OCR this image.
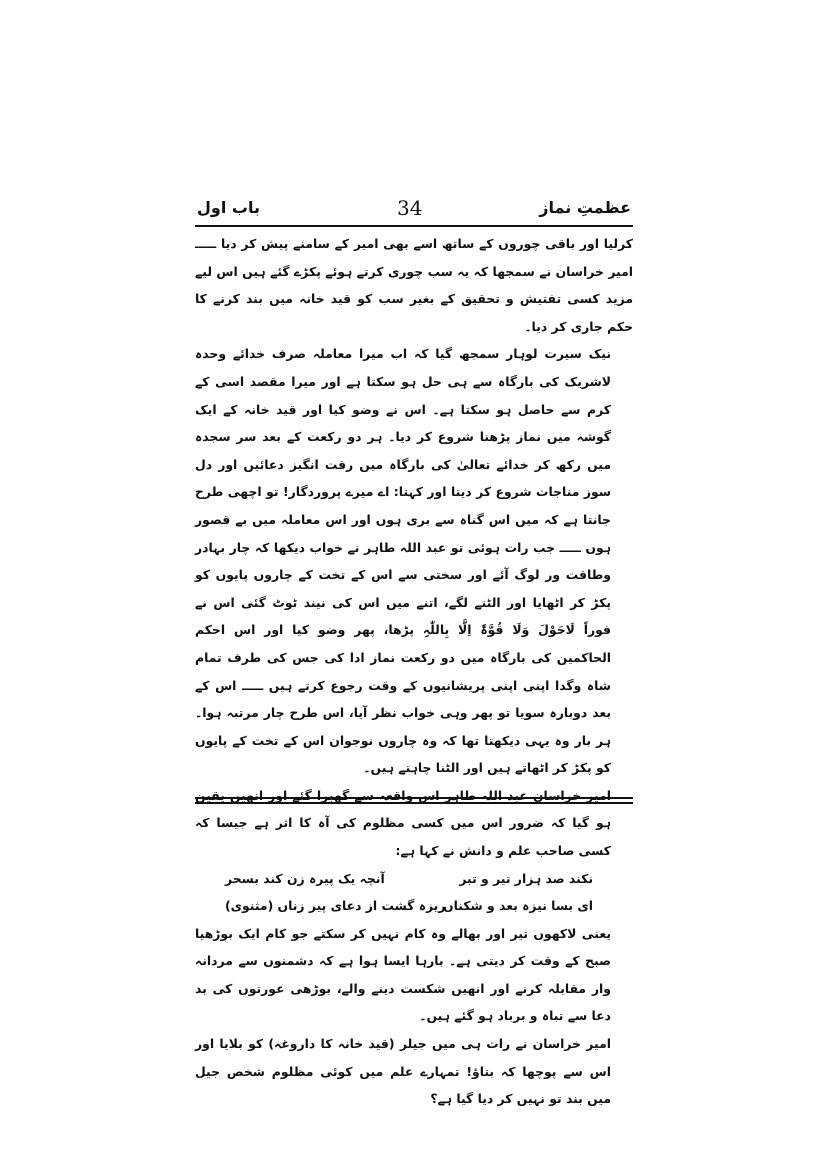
باب اول	34	عظمتِ نماز

کرلیا اور باقی چوروں کے ساتھ اسے بھی امیر کے سامنے پیش کر دیا ـــــ امیر خراسان نے سمجھا کہ یہ سب چوری کرتے ہوئے پکڑے گئے ہیں اس لیے مزید کسی تفتیش و تحقیق کے بغیر سب کو قید خانہ میں بند کرنے کا حکم جاری کر دیا۔

نیک سیرت لوہار سمجھ گیا کہ اب میرا معاملہ صرف خدائے وحدہ لاشریک کی بارگاہ سے ہی حل ہو سکتا ہے اور میرا مقصد اسی کے کرم سے حاصل ہو سکتا ہے۔ اس نے وضو کیا اور قید خانہ کے ایک گوشہ میں نماز پڑھنا شروع کر دیا۔ ہر دو رکعت کے بعد سر سجدہ میں رکھ کر خدائے تعالیٰ کی بارگاہ میں رقت انگیز دعائیں اور دل سوز مناجات شروع کر دیتا اور کہتا: اے میرے پروردگار! تو اچھی طرح جانتا ہے کہ میں اس گناہ سے بری ہوں اور اس معاملہ میں بے قصور ہوں ـــــ جب رات ہوئی تو عبد اللہ طاہر نے خواب دیکھا کہ چار بہادر وطاقت ور لوگ آئے اور سختی سے اس کے تخت کے چاروں پایوں کو پکڑ کر اٹھایا اور الٹنے لگے، اتنے میں اس کی نیند ٹوٹ گئی اس نے فوراً لَاحَوْلَ وَلَا قُوَّۃَ اِلَّا بِاللّٰہِ پڑھا، پھر وضو کیا اور اس احکم الحاکمین کی بارگاہ میں دو رکعت نماز ادا کی جس کی طرف تمام شاہ وگدا اپنی اپنی پریشانیوں کے وقت رجوع کرتے ہیں ـــــ اس کے بعد دوبارہ سویا تو پھر وہی خواب نظر آیا، اس طرح چار مرتبہ ہوا۔ ہر بار وہ یہی دیکھتا تھا کہ وہ چاروں نوجوان اس کے تخت کے پایوں کو پکڑ کر اٹھاتے ہیں اور الٹنا چاہتے ہیں۔

امیر خراسان عبد اللہ طاہر اس واقعہ سے گھبرا گئے اور انھیں یقین ہو گیا کہ ضرور اس میں کسی مظلوم کی آہ کا اثر ہے جیسا کہ کسی صاحب علم و دانش نے کہا ہے:

نکند صد ہزار تیر و تبر
آنچہ یک پیرہ زن کند بسحر
ای بسا نیزہ بعد و شکناں
ریزہ گشت از دعای پیر زناں (مثنوی)

یعنی لاکھوں تیر اور بھالے وہ کام نہیں کر سکتے جو کام ایک بوڑھیا صبح کے وقت کر دیتی ہے۔ بارہا ایسا ہوا ہے کہ دشمنوں سے مردانہ وار مقابلہ کرنے اور انھیں شکست دینے والے، بوڑھی عورتوں کی بد دعا سے تباہ و برباد ہو گئے ہیں۔

امیر خراسان نے رات ہی میں جیلر (قید خانہ کا داروغہ) کو بلایا اور اس سے پوچھا کہ بتاؤ! تمہارے علم میں کوئی مظلوم شخص جیل میں بند تو نہیں کر دیا گیا ہے؟
